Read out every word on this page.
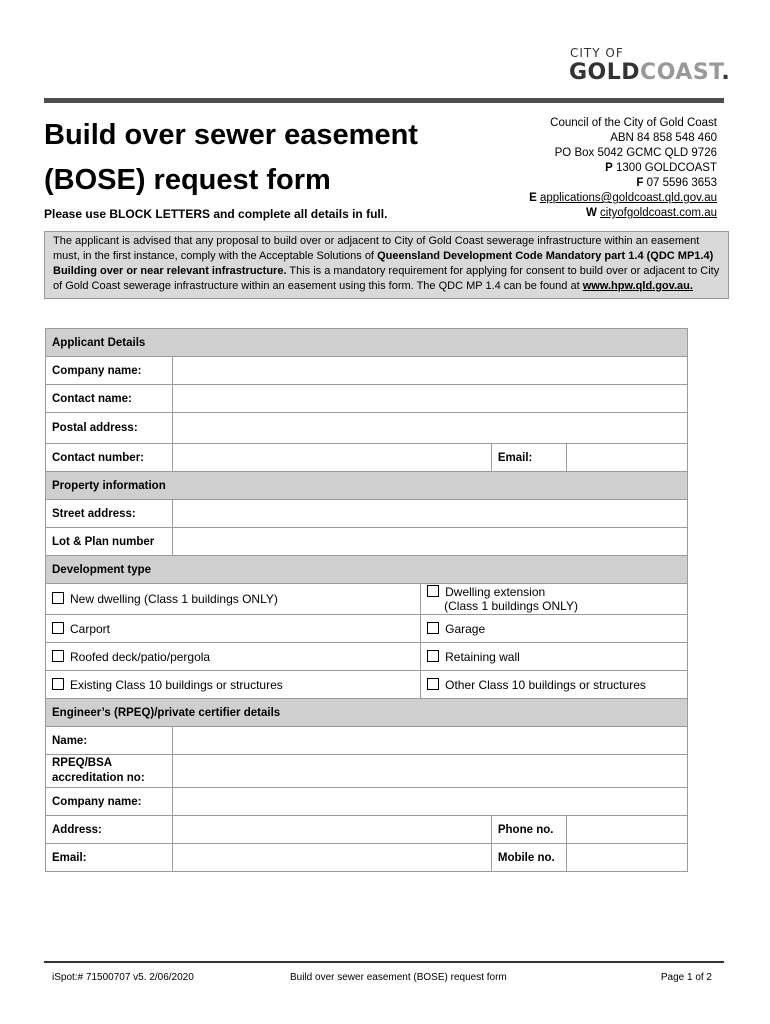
CITY OF
GOLDCOAST.
Build over sewer easement (BOSE) request form
Council of the City of Gold Coast
ABN 84 858 548 460
PO Box 5042 GCMC QLD 9726
P 1300 GOLDCOAST
F 07 5596 3653
E applications@goldcoast.qld.gov.au
W cityofgoldcoast.com.au
Please use BLOCK LETTERS and complete all details in full.
The applicant is advised that any proposal to build over or adjacent to City of Gold Coast sewerage infrastructure within an easement must, in the first instance, comply with the Acceptable Solutions of Queensland Development Code Mandatory part 1.4 (QDC MP1.4) Building over or near relevant infrastructure. This is a mandatory requirement for applying for consent to build over or adjacent to City of Gold Coast sewerage infrastructure within an easement using this form. The QDC MP 1.4 can be found at www.hpw.qld.gov.au.
Applicant Details				
Company name:				
Contact name:				
Postal address:				
Contact number:			Email:	
Property information				
Street address:				
Lot & Plan number				
Development type				
New dwelling (Class 1 buildings ONLY)		Dwelling extension
(Class 1 buildings ONLY)		
Carport		Garage		
Roofed deck/patio/pergola		Retaining wall		
Existing Class 10 buildings or structures		Other Class 10 buildings or structures		
Engineer’s (RPEQ)/private certifier details				
Name:				
RPEQ/BSA
accreditation no:				
Company name:				
Address:			Phone no.	
Email:			Mobile no.	
iSpot:# 71500707 v5. 2/06/2020	Build over sewer easement (BOSE) request form	Page 1 of 2
